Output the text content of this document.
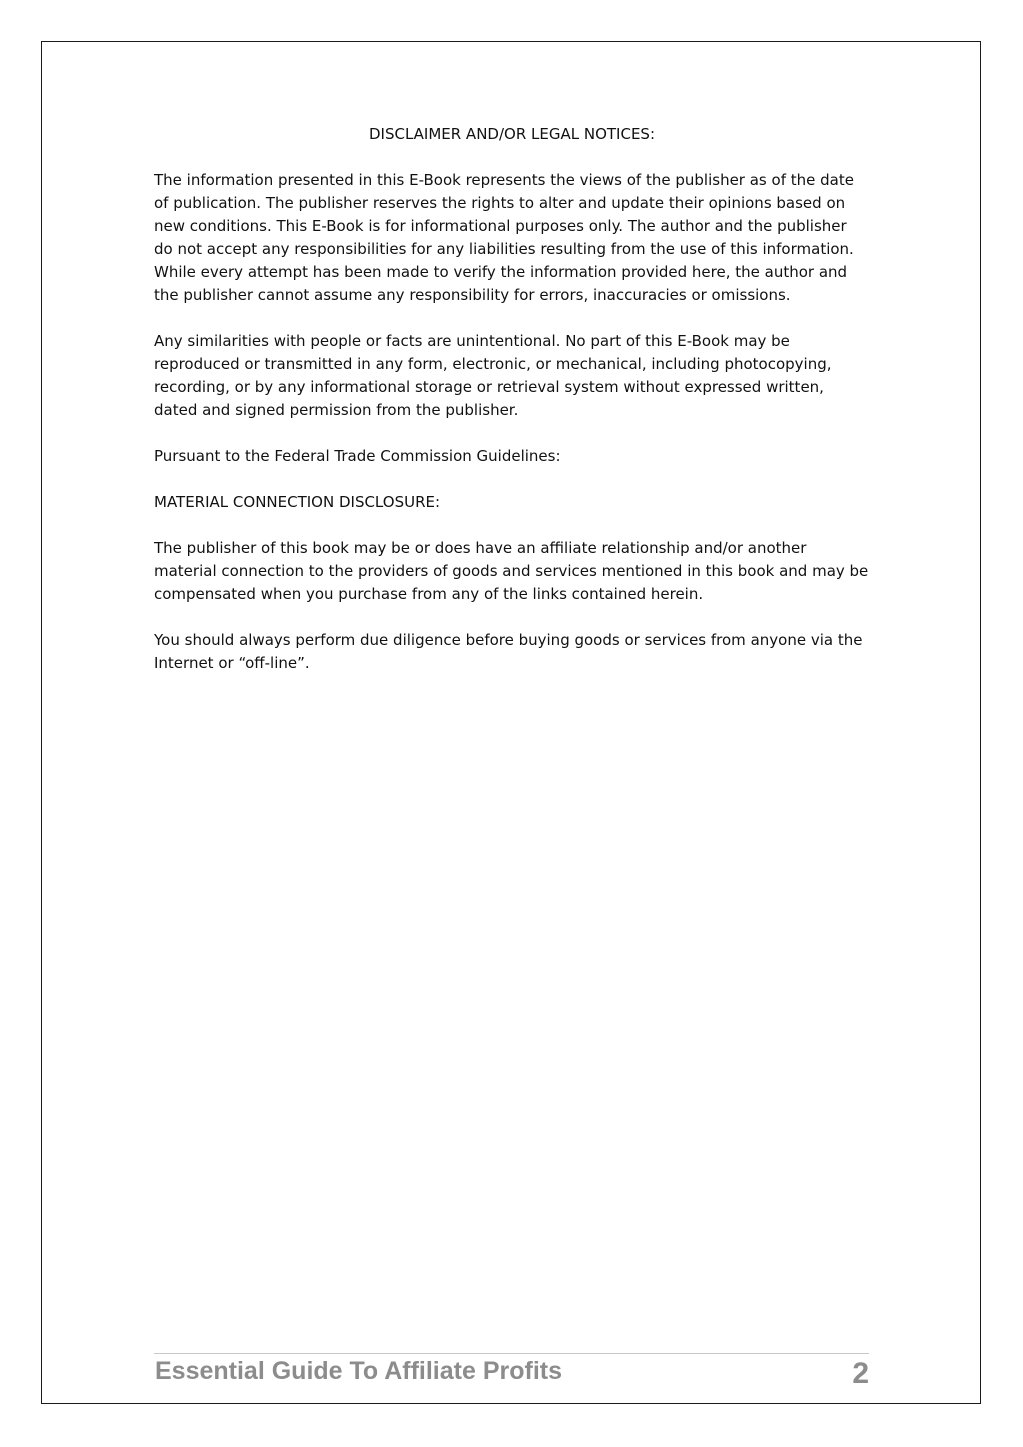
DISCLAIMER AND/OR LEGAL NOTICES:

The information presented in this E-Book represents the views of the publisher as of the date of publication. The publisher reserves the rights to alter and update their opinions based on new conditions. This E-Book is for informational purposes only. The author and the publisher do not accept any responsibilities for any liabilities resulting from the use of this information. While every attempt has been made to verify the information provided here, the author and the publisher cannot assume any responsibility for errors, inaccuracies or omissions.

Any similarities with people or facts are unintentional. No part of this E-Book may be reproduced or transmitted in any form, electronic, or mechanical, including photocopying, recording, or by any informational storage or retrieval system without expressed written, dated and signed permission from the publisher.

Pursuant to the Federal Trade Commission Guidelines:

MATERIAL CONNECTION DISCLOSURE:

The publisher of this book may be or does have an affiliate relationship and/or another material connection to the providers of goods and services mentioned in this book and may be compensated when you purchase from any of the links contained herein.

You should always perform due diligence before buying goods or services from anyone via the Internet or “off-line”.

Essential Guide To Affiliate Profits	2
